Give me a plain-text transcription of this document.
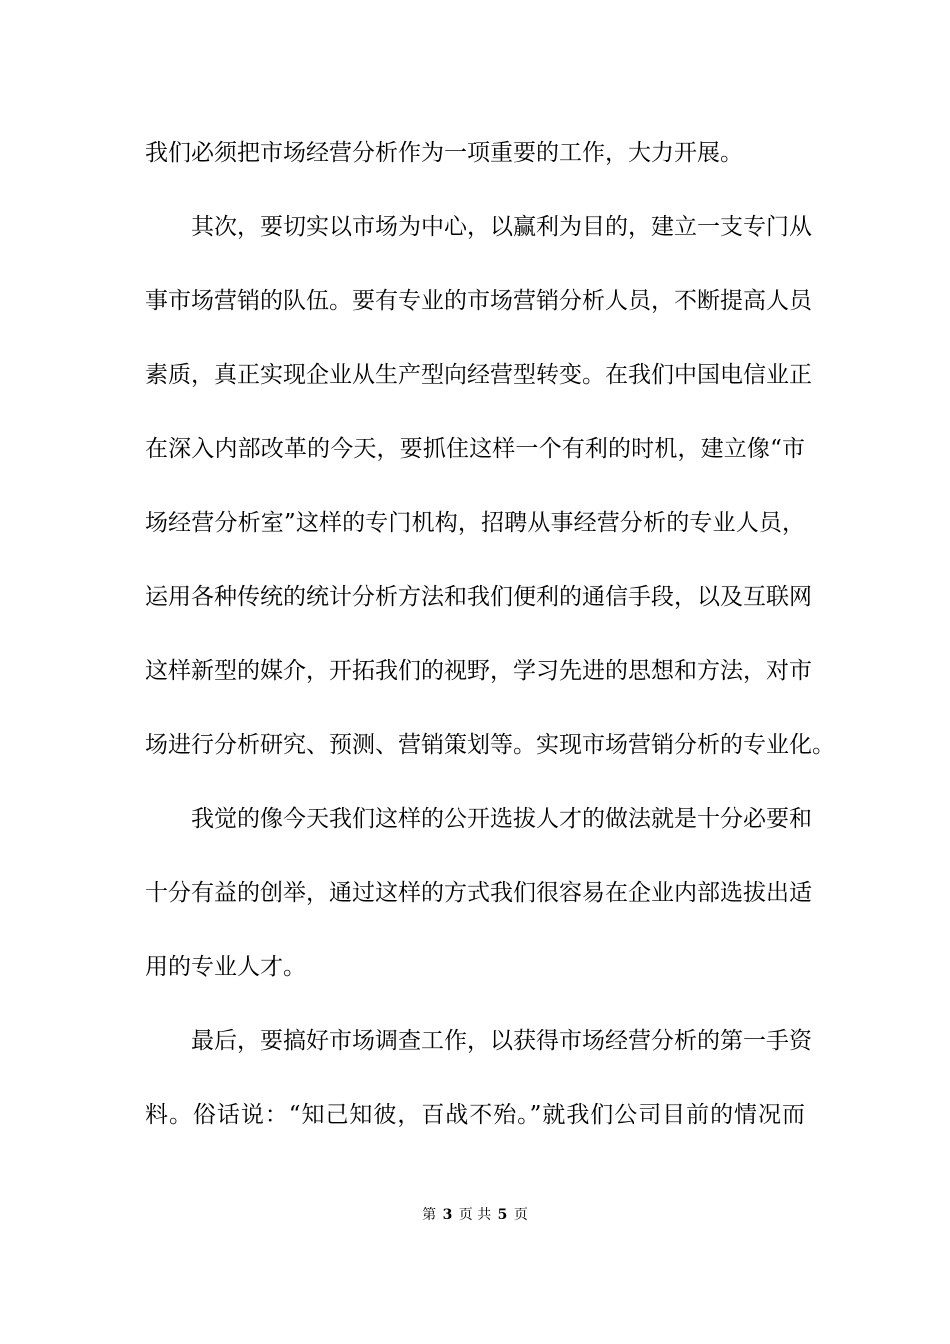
我们必须把市场经营分析作为一项重要的工作，大力开展。
其次，要切实以市场为中心，以赢利为目的，建立一支专门从
事市场营销的队伍。要有专业的市场营销分析人员，不断提高人员
素质，真正实现企业从生产型向经营型转变。在我们中国电信业正
在深入内部改革的今天，要抓住这样一个有利的时机，建立像“市
场经营分析室”这样的专门机构，招聘从事经营分析的专业人员，
运用各种传统的统计分析方法和我们便利的通信手段，以及互联网
这样新型的媒介，开拓我们的视野，学习先进的思想和方法，对市
场进行分析研究、预测、营销策划等。实现市场营销分析的专业化。
我觉的像今天我们这样的公开选拔人才的做法就是十分必要和
十分有益的创举，通过这样的方式我们很容易在企业内部选拔出适
用的专业人才。
最后，要搞好市场调查工作，以获得市场经营分析的第一手资
料。俗话说：“知己知彼，百战不殆。”就我们公司目前的情况而
第 3 页 共 5 页
